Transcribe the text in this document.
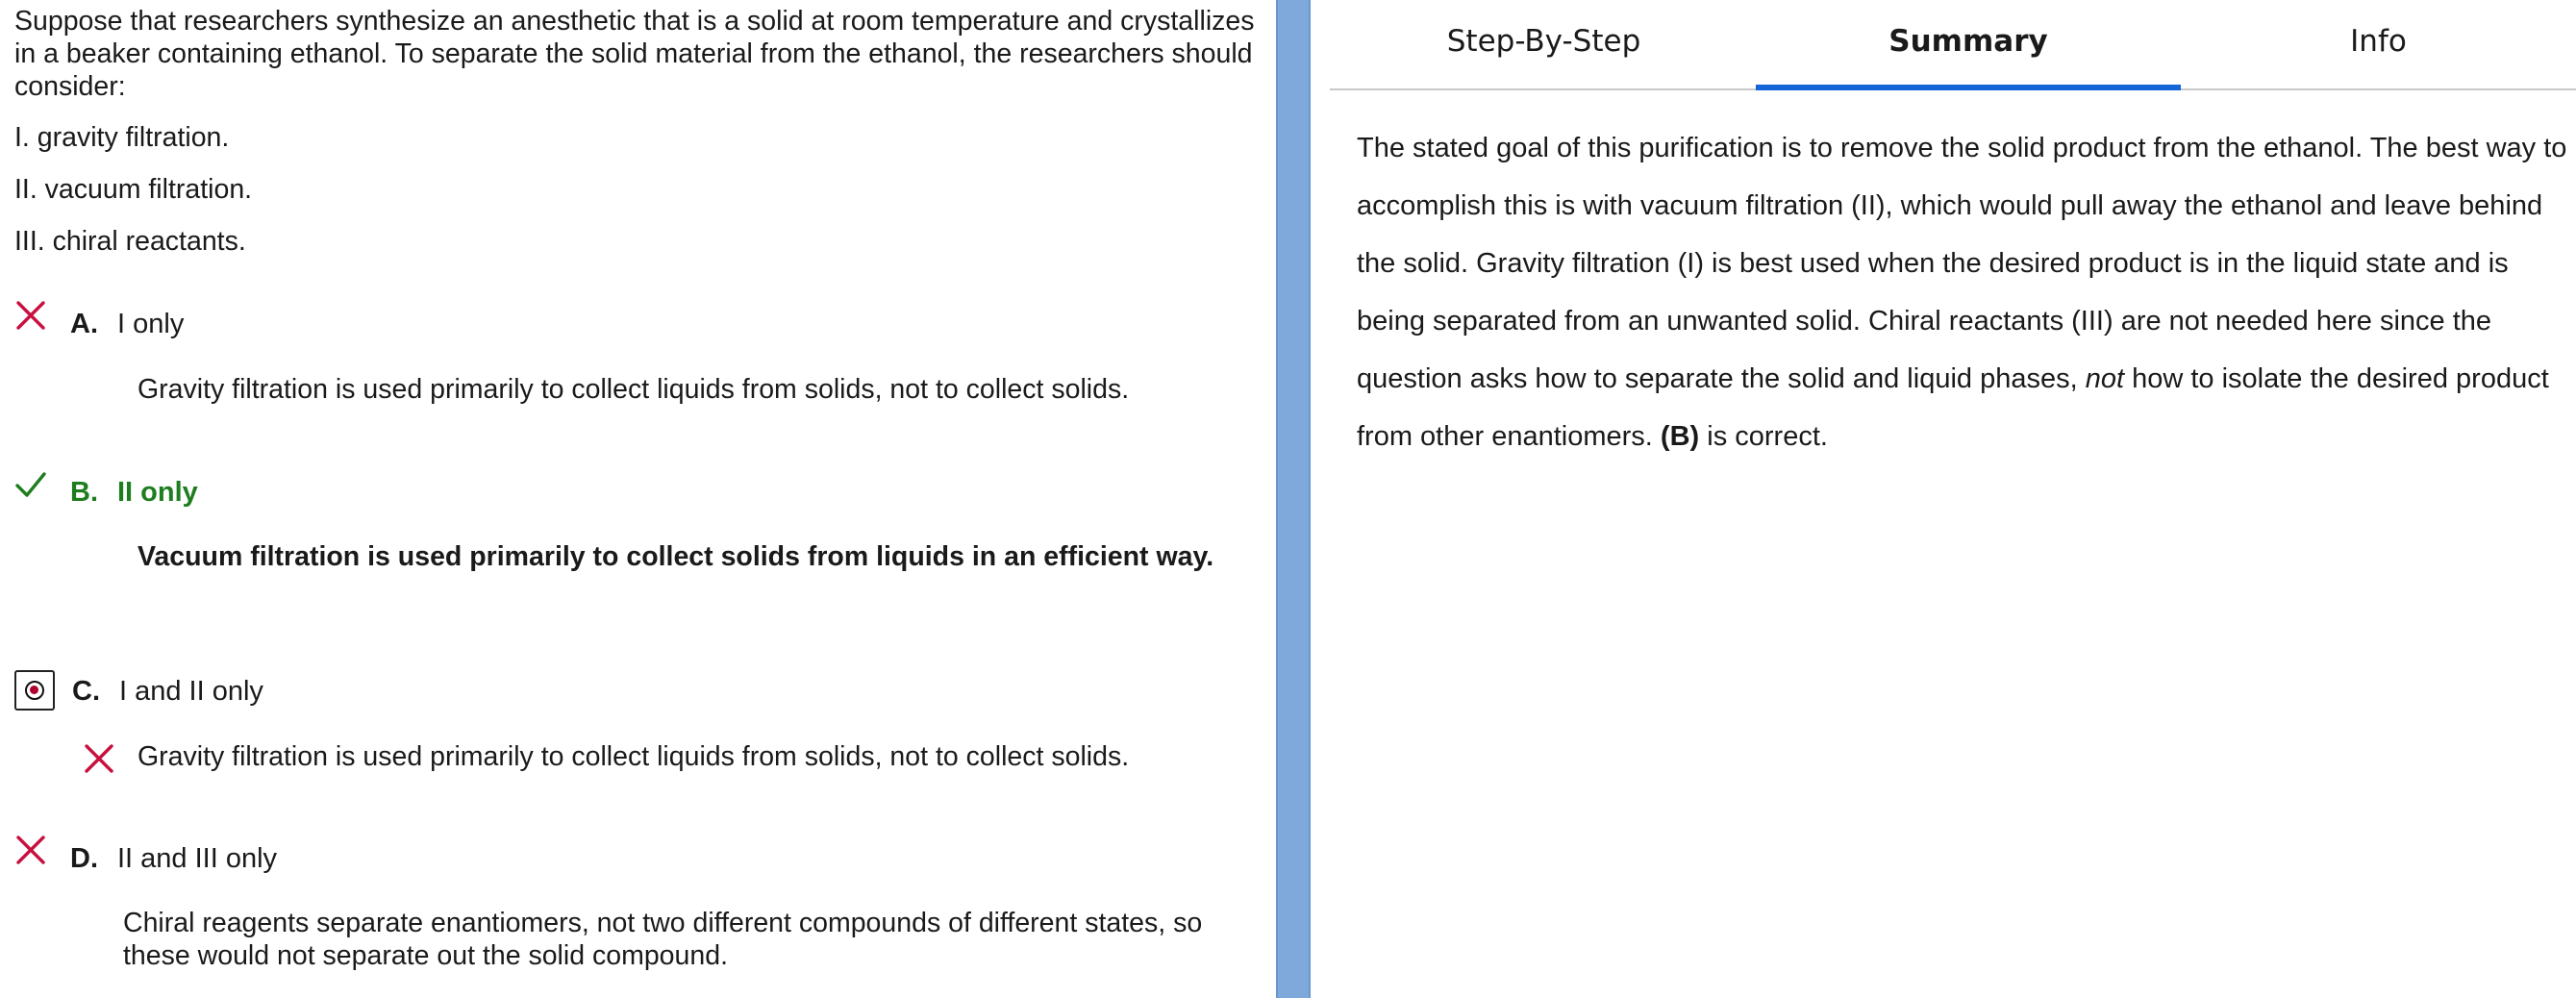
Suppose that researchers synthesize an anesthetic that is a solid at room temperature and crystallizes in a beaker containing ethanol. To separate the solid material from the ethanol, the researchers should consider:
I. gravity filtration.
II. vacuum filtration.
III. chiral reactants.
A. I only
Gravity filtration is used primarily to collect liquids from solids, not to collect solids.
B. II only
Vacuum filtration is used primarily to collect solids from liquids in an efficient way.
C. I and II only
Gravity filtration is used primarily to collect liquids from solids, not to collect solids.
D. II and III only
Chiral reagents separate enantiomers, not two different compounds of different states, so these would not separate out the solid compound.
Step-By-Step	Summary	Info
The stated goal of this purification is to remove the solid product from the ethanol. The best way to accomplish this is with vacuum filtration (II), which would pull away the ethanol and leave behind the solid. Gravity filtration (I) is best used when the desired product is in the liquid state and is being separated from an unwanted solid. Chiral reactants (III) are not needed here since the question asks how to separate the solid and liquid phases, not how to isolate the desired product from other enantiomers. (B) is correct.
